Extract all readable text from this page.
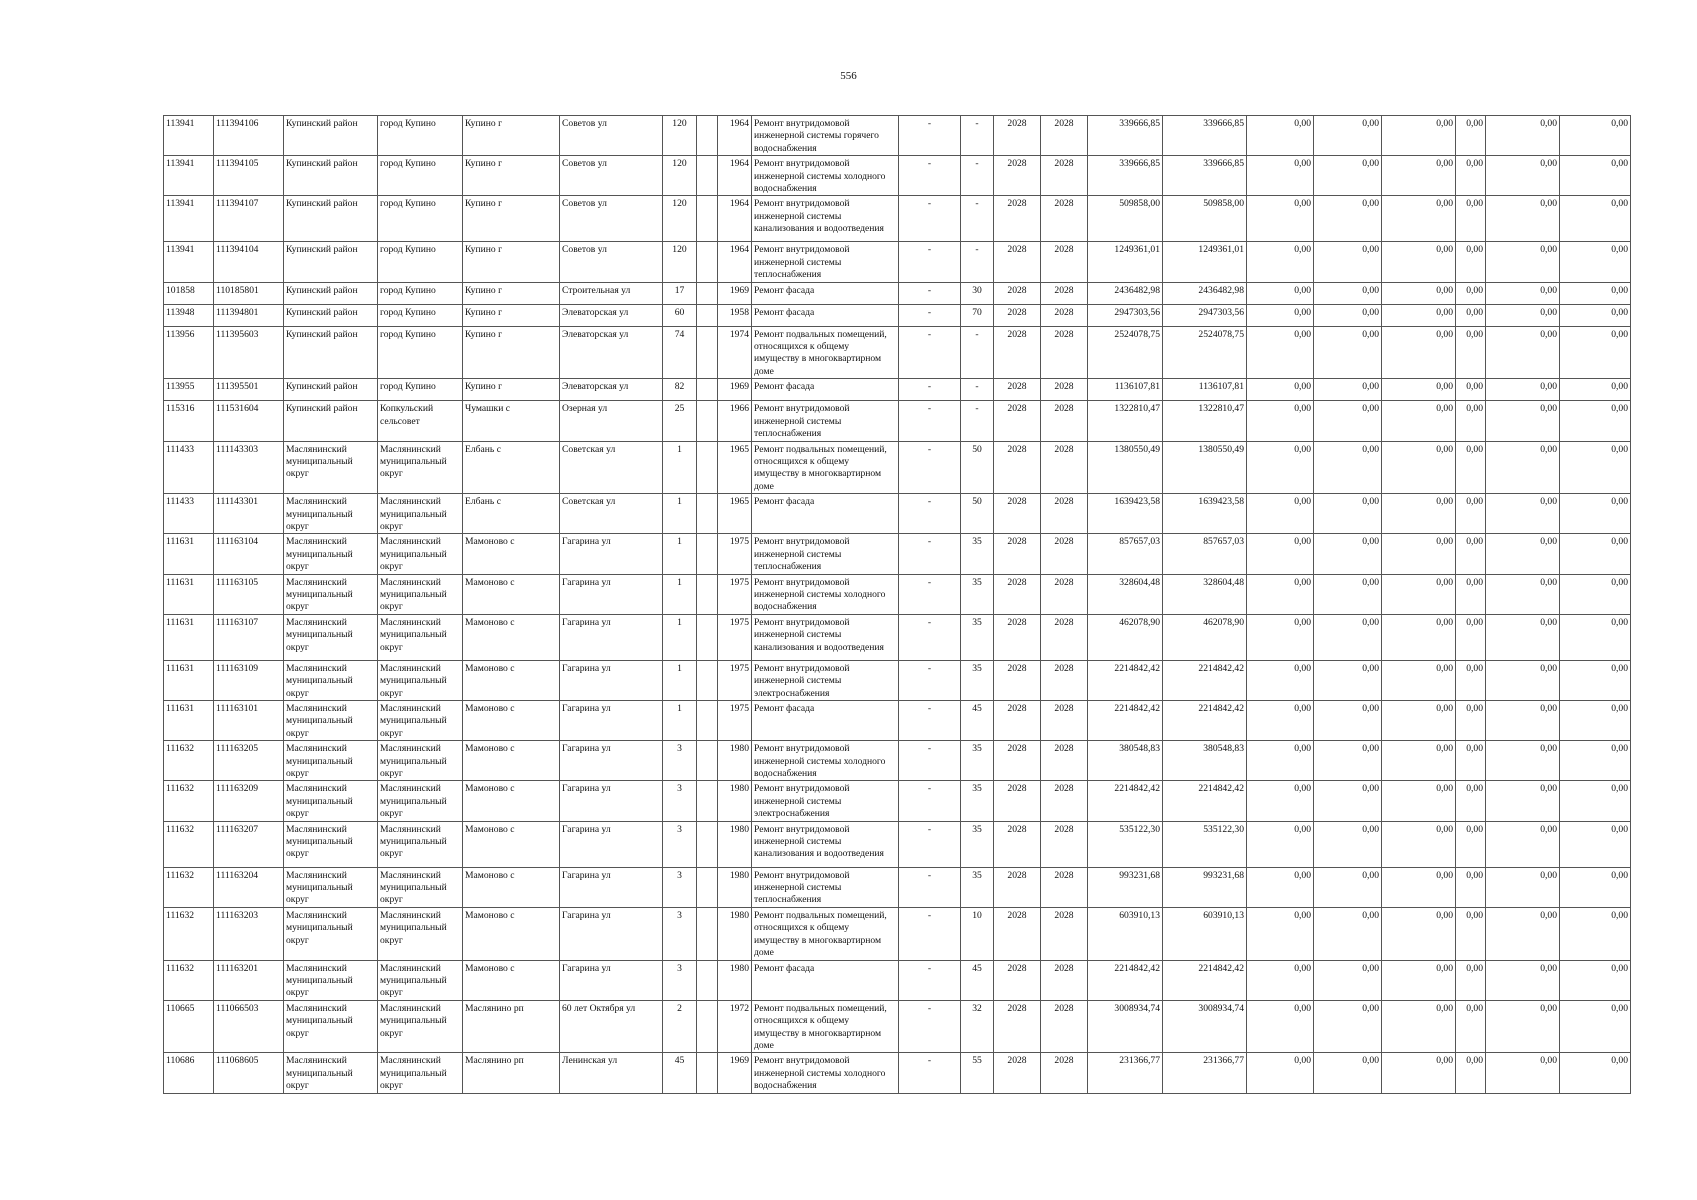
556
113941	111394106	Купинский район	город Купино	Купино г	Советов ул	120		1964	Ремонт внутридомовой инженерной системы горячего водоснабжения	-	-	2028	2028	339666,85	339666,85	0,00	0,00	0,00	0,00	0,00	0,00
113941	111394105	Купинский район	город Купино	Купино г	Советов ул	120		1964	Ремонт внутридомовой инженерной системы холодного водоснабжения	-	-	2028	2028	339666,85	339666,85	0,00	0,00	0,00	0,00	0,00	0,00
113941	111394107	Купинский район	город Купино	Купино г	Советов ул	120		1964	Ремонт внутридомовой инженерной системы канализования и водоотведения	-	-	2028	2028	509858,00	509858,00	0,00	0,00	0,00	0,00	0,00	0,00
113941	111394104	Купинский район	город Купино	Купино г	Советов ул	120		1964	Ремонт внутридомовой инженерной системы теплоснабжения	-	-	2028	2028	1249361,01	1249361,01	0,00	0,00	0,00	0,00	0,00	0,00
101858	110185801	Купинский район	город Купино	Купино г	Строительная ул	17		1969	Ремонт фасада	-	30	2028	2028	2436482,98	2436482,98	0,00	0,00	0,00	0,00	0,00	0,00
113948	111394801	Купинский район	город Купино	Купино г	Элеваторская ул	60		1958	Ремонт фасада	-	70	2028	2028	2947303,56	2947303,56	0,00	0,00	0,00	0,00	0,00	0,00
113956	111395603	Купинский район	город Купино	Купино г	Элеваторская ул	74		1974	Ремонт подвальных помещений, относящихся к общему имуществу в многоквартирном доме	-	-	2028	2028	2524078,75	2524078,75	0,00	0,00	0,00	0,00	0,00	0,00
113955	111395501	Купинский район	город Купино	Купино г	Элеваторская ул	82		1969	Ремонт фасада	-	-	2028	2028	1136107,81	1136107,81	0,00	0,00	0,00	0,00	0,00	0,00
115316	111531604	Купинский район	Копкульский сельсовет	Чумашки с	Озерная ул	25		1966	Ремонт внутридомовой инженерной системы теплоснабжения	-	-	2028	2028	1322810,47	1322810,47	0,00	0,00	0,00	0,00	0,00	0,00
111433	111143303	Маслянинский муниципальный округ	Маслянинский муниципальный округ	Елбань с	Советская ул	1		1965	Ремонт подвальных помещений, относящихся к общему имуществу в многоквартирном доме	-	50	2028	2028	1380550,49	1380550,49	0,00	0,00	0,00	0,00	0,00	0,00
111433	111143301	Маслянинский муниципальный округ	Маслянинский муниципальный округ	Елбань с	Советская ул	1		1965	Ремонт фасада	-	50	2028	2028	1639423,58	1639423,58	0,00	0,00	0,00	0,00	0,00	0,00
111631	111163104	Маслянинский муниципальный округ	Маслянинский муниципальный округ	Мамоново с	Гагарина ул	1		1975	Ремонт внутридомовой инженерной системы теплоснабжения	-	35	2028	2028	857657,03	857657,03	0,00	0,00	0,00	0,00	0,00	0,00
111631	111163105	Маслянинский муниципальный округ	Маслянинский муниципальный округ	Мамоново с	Гагарина ул	1		1975	Ремонт внутридомовой инженерной системы холодного водоснабжения	-	35	2028	2028	328604,48	328604,48	0,00	0,00	0,00	0,00	0,00	0,00
111631	111163107	Маслянинский муниципальный округ	Маслянинский муниципальный округ	Мамоново с	Гагарина ул	1		1975	Ремонт внутридомовой инженерной системы канализования и водоотведения	-	35	2028	2028	462078,90	462078,90	0,00	0,00	0,00	0,00	0,00	0,00
111631	111163109	Маслянинский муниципальный округ	Маслянинский муниципальный округ	Мамоново с	Гагарина ул	1		1975	Ремонт внутридомовой инженерной системы электроснабжения	-	35	2028	2028	2214842,42	2214842,42	0,00	0,00	0,00	0,00	0,00	0,00
111631	111163101	Маслянинский муниципальный округ	Маслянинский муниципальный округ	Мамоново с	Гагарина ул	1		1975	Ремонт фасада	-	45	2028	2028	2214842,42	2214842,42	0,00	0,00	0,00	0,00	0,00	0,00
111632	111163205	Маслянинский муниципальный округ	Маслянинский муниципальный округ	Мамоново с	Гагарина ул	3		1980	Ремонт внутридомовой инженерной системы холодного водоснабжения	-	35	2028	2028	380548,83	380548,83	0,00	0,00	0,00	0,00	0,00	0,00
111632	111163209	Маслянинский муниципальный округ	Маслянинский муниципальный округ	Мамоново с	Гагарина ул	3		1980	Ремонт внутридомовой инженерной системы электроснабжения	-	35	2028	2028	2214842,42	2214842,42	0,00	0,00	0,00	0,00	0,00	0,00
111632	111163207	Маслянинский муниципальный округ	Маслянинский муниципальный округ	Мамоново с	Гагарина ул	3		1980	Ремонт внутридомовой инженерной системы канализования и водоотведения	-	35	2028	2028	535122,30	535122,30	0,00	0,00	0,00	0,00	0,00	0,00
111632	111163204	Маслянинский муниципальный округ	Маслянинский муниципальный округ	Мамоново с	Гагарина ул	3		1980	Ремонт внутридомовой инженерной системы теплоснабжения	-	35	2028	2028	993231,68	993231,68	0,00	0,00	0,00	0,00	0,00	0,00
111632	111163203	Маслянинский муниципальный округ	Маслянинский муниципальный округ	Мамоново с	Гагарина ул	3		1980	Ремонт подвальных помещений, относящихся к общему имуществу в многоквартирном доме	-	10	2028	2028	603910,13	603910,13	0,00	0,00	0,00	0,00	0,00	0,00
111632	111163201	Маслянинский муниципальный округ	Маслянинский муниципальный округ	Мамоново с	Гагарина ул	3		1980	Ремонт фасада	-	45	2028	2028	2214842,42	2214842,42	0,00	0,00	0,00	0,00	0,00	0,00
110665	111066503	Маслянинский муниципальный округ	Маслянинский муниципальный округ	Маслянино рп	60 лет Октября ул	2		1972	Ремонт подвальных помещений, относящихся к общему имуществу в многоквартирном доме	-	32	2028	2028	3008934,74	3008934,74	0,00	0,00	0,00	0,00	0,00	0,00
110686	111068605	Маслянинский муниципальный округ	Маслянинский муниципальный округ	Маслянино рп	Ленинская ул	45		1969	Ремонт внутридомовой инженерной системы холодного водоснабжения	-	55	2028	2028	231366,77	231366,77	0,00	0,00	0,00	0,00	0,00	0,00
